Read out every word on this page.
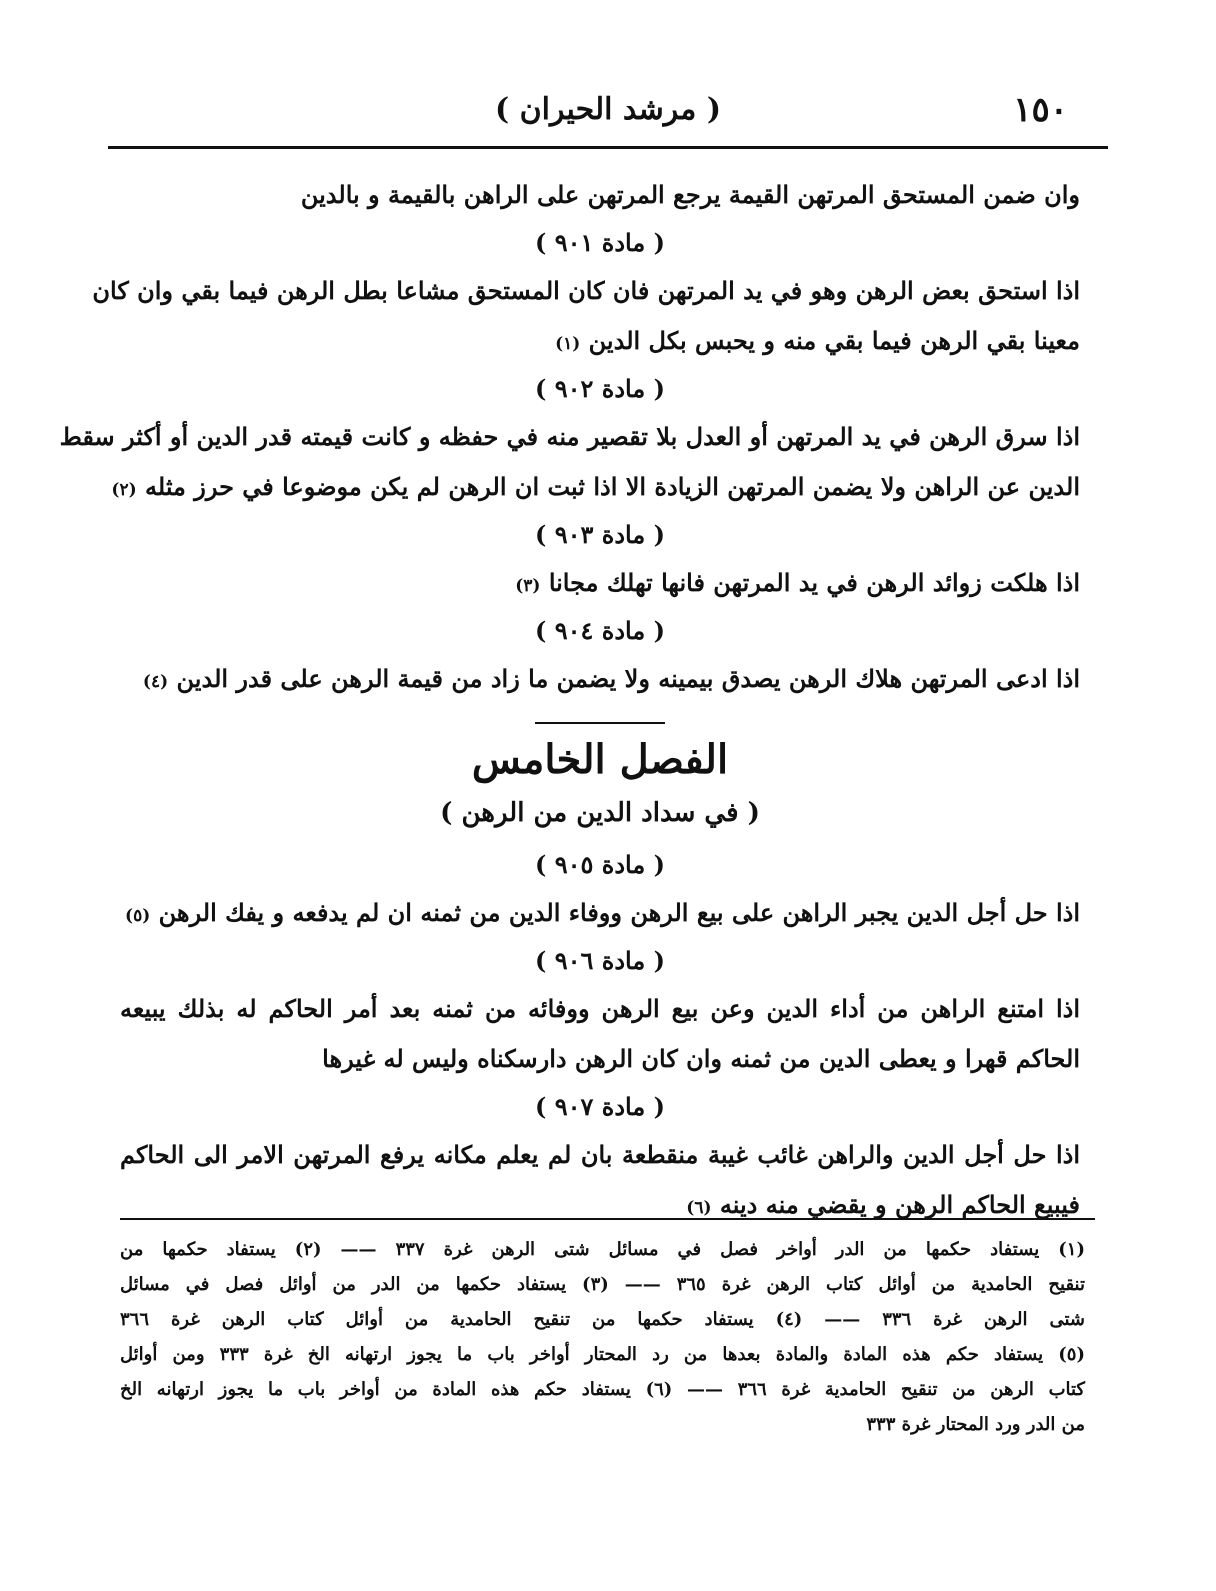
١٥٠
( مرشد الحيران )
وان ضمن المستحق المرتهن القيمة يرجع المرتهن على الراهن بالقيمة و بالدين
( مادة ٩٠١ )
اذا استحق بعض الرهن وهو في يد المرتهن فان كان المستحق مشاعا بطل الرهن فيما بقي وان كان
معينا بقي الرهن فيما بقي منه و يحبس بكل الدين (١)
( مادة ٩٠٢ )
اذا سرق الرهن في يد المرتهن أو العدل بلا تقصير منه في حفظه و كانت قيمته قدر الدين أو أكثر سقط
الدين عن الراهن ولا يضمن المرتهن الزيادة الا اذا ثبت ان الرهن لم يكن موضوعا في حرز مثله (٢)
( مادة ٩٠٣ )
اذا هلكت زوائد الرهن في يد المرتهن فانها تهلك مجانا (٣)
( مادة ٩٠٤ )
اذا ادعى المرتهن هلاك الرهن يصدق بيمينه ولا يضمن ما زاد من قيمة الرهن على قدر الدين (٤)
الفصل الخامس
( في سداد الدين من الرهن )
( مادة ٩٠٥ )
اذا حل أجل الدين يجبر الراهن على بيع الرهن ووفاء الدين من ثمنه ان لم يدفعه و يفك الرهن (٥)
( مادة ٩٠٦ )
اذا امتنع الراهن من أداء الدين وعن بيع الرهن ووفائه من ثمنه بعد أمر الحاكم له بذلك يبيعه
الحاكم قهرا و يعطى الدين من ثمنه وان كان الرهن دارسكناه وليس له غيرها
( مادة ٩٠٧ )
اذا حل أجل الدين والراهن غائب غيبة منقطعة بان لم يعلم مكانه يرفع المرتهن الامر الى الحاكم
فيبيع الحاكم الرهن و يقضي منه دينه (٦)
(١) يستفاد حكمها من الدر أواخر فصل في مسائل شتى الرهن غرة ٣٣٧ —— (٢) يستفاد حكمها من
تنقيح الحامدية من أوائل كتاب الرهن غرة ٣٦٥ —— (٣) يستفاد حكمها من الدر من أوائل فصل في مسائل
شتى الرهن غرة ٣٣٦ —— (٤) يستفاد حكمها من تنقيح الحامدية من أوائل كتاب الرهن غرة ٣٦٦
(٥) يستفاد حكم هذه المادة والمادة بعدها من رد المحتار أواخر باب ما يجوز ارتهانه الخ غرة ٣٣٣ ومن أوائل
كتاب الرهن من تنقيح الحامدية غرة ٣٦٦ —— (٦) يستفاد حكم هذه المادة من أواخر باب ما يجوز ارتهانه الخ
من الدر ورد المحتار غرة ٣٣٣
